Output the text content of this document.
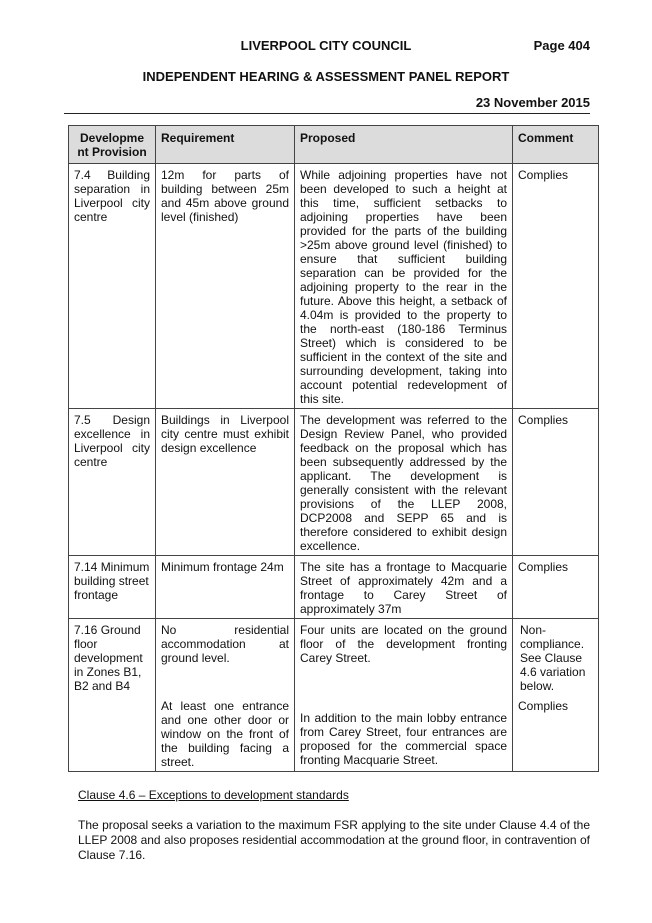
LIVERPOOL CITY COUNCIL	Page 404
INDEPENDENT HEARING & ASSESSMENT PANEL REPORT
23 November 2015
Developme nt Provision	Requirement	Proposed	Comment
7.4 Building separation in Liverpool city centre	12m for parts of building between 25m and 45m above ground level (finished)	While adjoining properties have not been developed to such a height at this time, sufficient setbacks to adjoining properties have been provided for the parts of the building >25m above ground level (finished) to ensure that sufficient building separation can be provided for the adjoining property to the rear in the future. Above this height, a setback of 4.04m is provided to the property to the north-east (180-186 Terminus Street) which is considered to be sufficient in the context of the site and surrounding development, taking into account potential redevelopment of this site.	Complies
7.5 Design excellence in Liverpool city centre	Buildings in Liverpool city centre must exhibit design excellence	The development was referred to the Design Review Panel, who provided feedback on the proposal which has been subsequently addressed by the applicant. The development is generally consistent with the relevant provisions of the LLEP 2008, DCP2008 and SEPP 65 and is therefore considered to exhibit design excellence.	Complies
7.14 Minimum building street frontage	Minimum frontage 24m	The site has a frontage to Macquarie Street of approximately 42m and a frontage to Carey Street of approximately 37m	Complies
7.16 Ground floor development in Zones B1, B2 and B4	No residential accommodation at ground level.	Four units are located on the ground floor of the development fronting Carey Street.	Non-compliance. See Clause 4.6 variation below.
	At least one entrance and one other door or window on the front of the building facing a street.	In addition to the main lobby entrance from Carey Street, four entrances are proposed for the commercial space fronting Macquarie Street.	Complies
Clause 4.6 – Exceptions to development standards
The proposal seeks a variation to the maximum FSR applying to the site under Clause 4.4 of the LLEP 2008 and also proposes residential accommodation at the ground floor, in contravention of Clause 7.16.
